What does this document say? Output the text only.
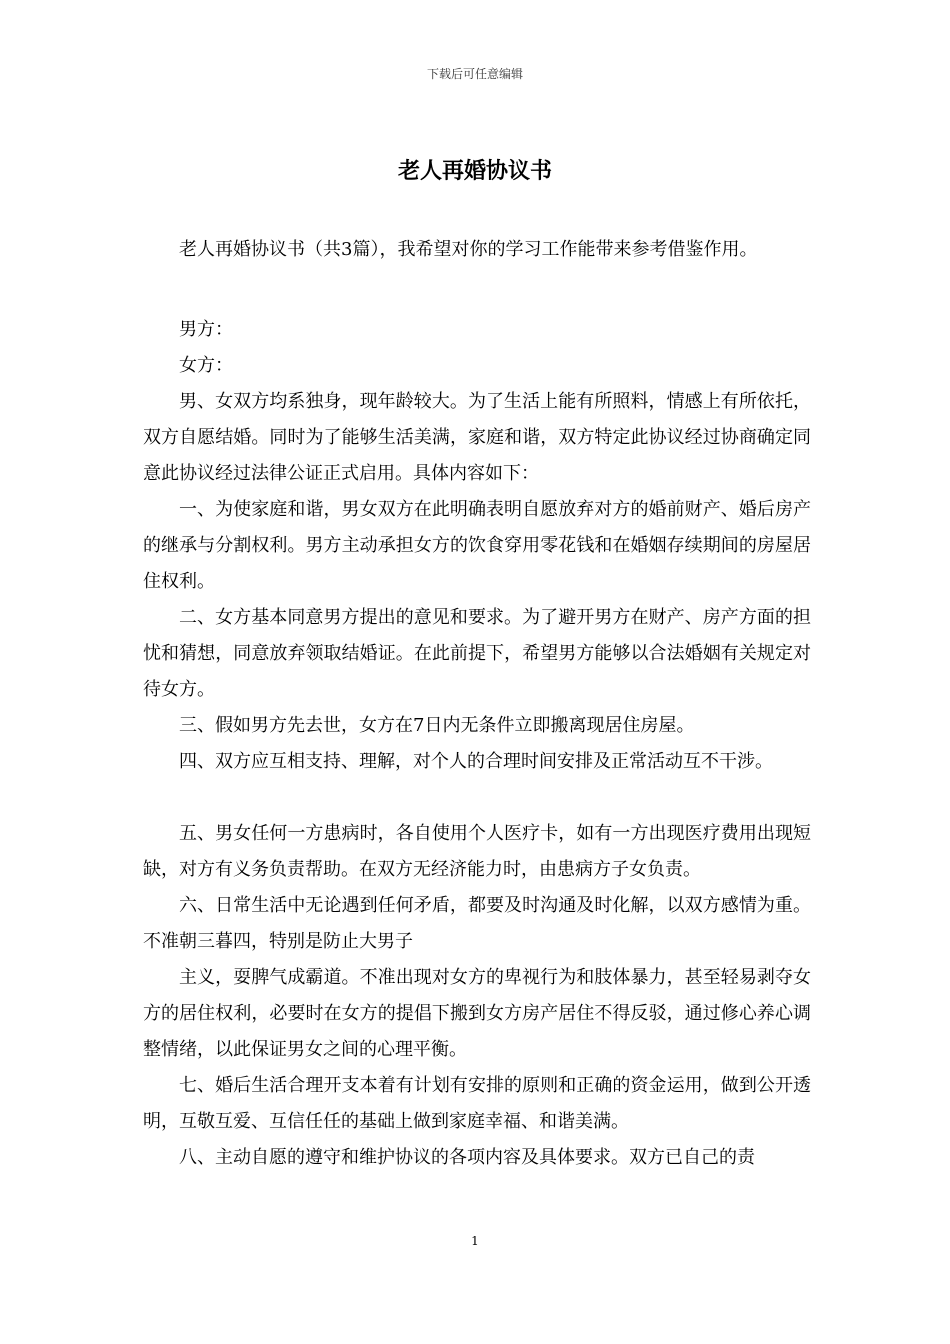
下载后可任意编辑
老人再婚协议书

老人再婚协议书（共3篇），我希望对你的学习工作能带来参考借鉴作用。

男方：

女方：

男、女双方均系独身，现年龄较大。为了生活上能有所照料，情感上有所依托，双方自愿结婚。同时为了能够生活美满，家庭和谐，双方特定此协议经过协商确定同意此协议经过法律公证正式启用。具体内容如下：

一、为使家庭和谐，男女双方在此明确表明自愿放弃对方的婚前财产、婚后房产的继承与分割权利。男方主动承担女方的饮食穿用零花钱和在婚姻存续期间的房屋居住权利。

二、女方基本同意男方提出的意见和要求。为了避开男方在财产、房产方面的担忧和猜想，同意放弃领取结婚证。在此前提下，希望男方能够以合法婚姻有关规定对待女方。

三、假如男方先去世，女方在7日内无条件立即搬离现居住房屋。

四、双方应互相支持、理解，对个人的合理时间安排及正常活动互不干涉。

五、男女任何一方患病时，各自使用个人医疗卡，如有一方出现医疗费用出现短缺，对方有义务负责帮助。在双方无经济能力时，由患病方子女负责。

六、日常生活中无论遇到任何矛盾，都要及时沟通及时化解，以双方感情为重。不准朝三暮四，特别是防止大男子

主义，耍脾气成霸道。不准出现对女方的卑视行为和肢体暴力，甚至轻易剥夺女方的居住权利，必要时在女方的提倡下搬到女方房产居住不得反驳，通过修心养心调整情绪，以此保证男女之间的心理平衡。

七、婚后生活合理开支本着有计划有安排的原则和正确的资金运用，做到公开透明，互敬互爱、互信任任的基础上做到家庭幸福、和谐美满。

八、主动自愿的遵守和维护协议的各项内容及具体要求。双方已自己的责

1
